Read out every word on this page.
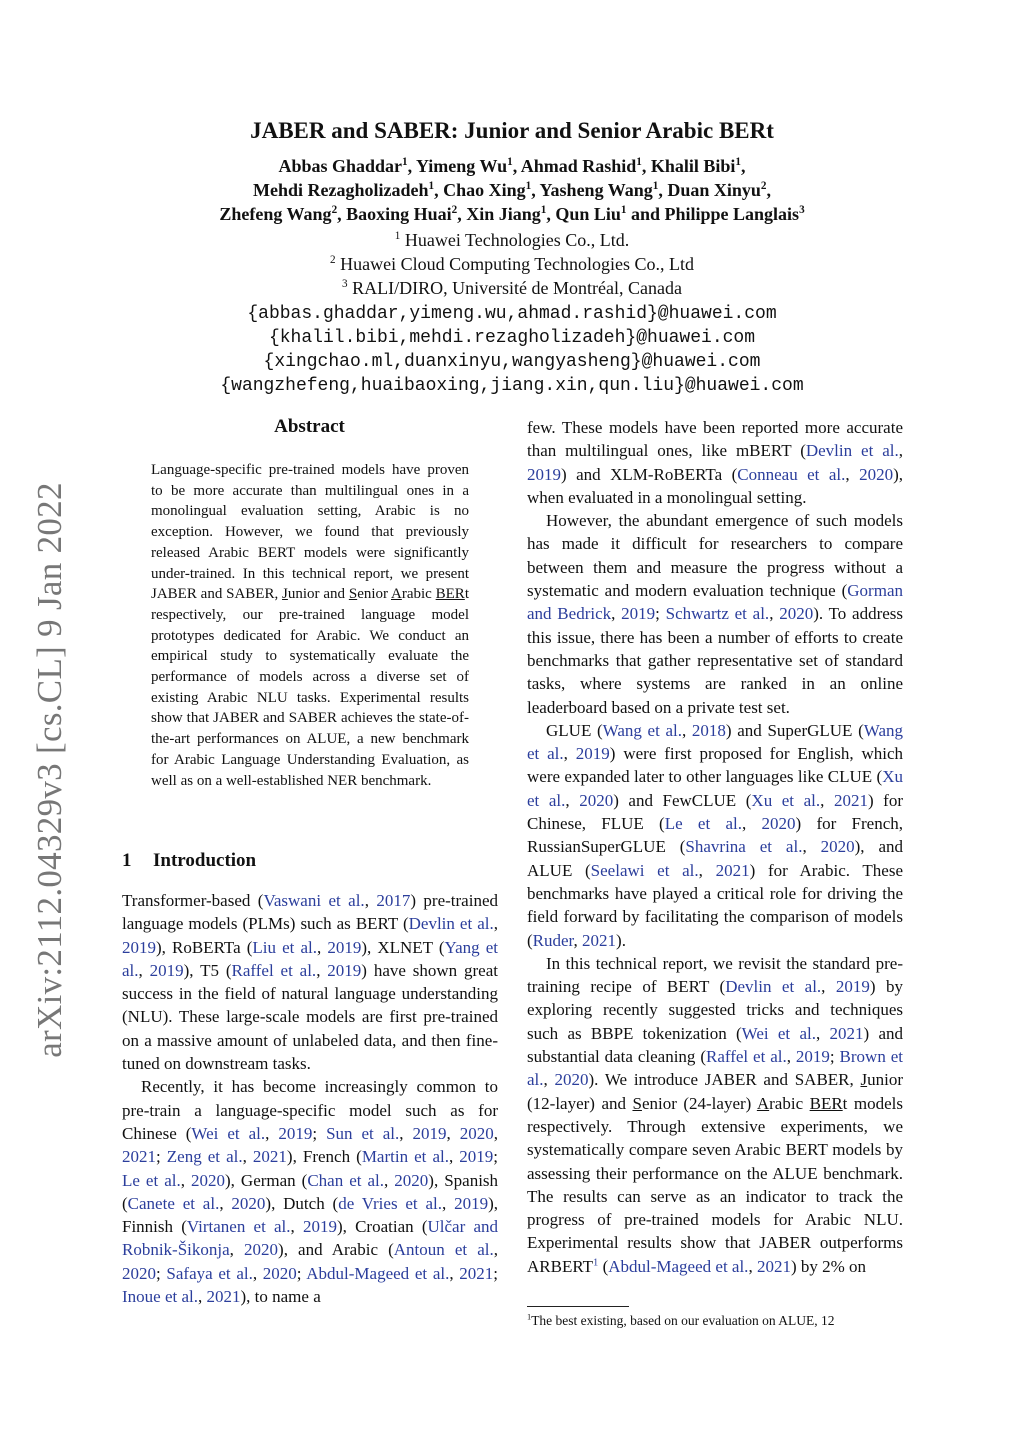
arXiv:2112.04329v3 [cs.CL] 9 Jan 2022
JABER and SABER: Junior and Senior Arabic BERt
Abbas Ghaddar$^1$, Yimeng Wu$^1$, Ahmad Rashid$^1$, Khalil Bibi$^1$,
Mehdi Rezagholizadeh$^1$, Chao Xing$^1$, Yasheng Wang$^1$, Duan Xinyu$^2$,
Zhefeng Wang$^2$, Baoxing Huai$^2$, Xin Jiang$^1$, Qun Liu$^1$ and Philippe Langlais$^3$
$^1$ Huawei Technologies Co., Ltd.
$^2$ Huawei Cloud Computing Technologies Co., Ltd
$^3$ RALI/DIRO, Université de Montréal, Canada
{abbas.ghaddar,yimeng.wu,ahmad.rashid}@huawei.com
{khalil.bibi,mehdi.rezagholizadeh}@huawei.com
{xingchao.ml,duanxinyu,wangyasheng}@huawei.com
{wangzhefeng,huaibaoxing,jiang.xin,qun.liu}@huawei.com
Abstract
Language-specific pre-trained models have proven to be more accurate than multilingual ones in a monolingual evaluation setting, Arabic is no exception. However, we found that previously released Arabic BERT models were significantly under-trained. In this technical report, we present JABER and SABER, Junior and Senior Arabic BERt respectively, our pre-trained language model prototypes dedicated for Arabic. We conduct an empirical study to systematically evaluate the performance of models across a diverse set of existing Arabic NLU tasks. Experimental results show that JABER and SABER achieves the state-of-the-art performances on ALUE, a new benchmark for Arabic Language Understanding Evaluation, as well as on a well-established NER benchmark.
1 Introduction

Transformer-based (Vaswani et al., 2017) pre-trained language models (PLMs) such as BERT (Devlin et al., 2019), RoBERTa (Liu et al., 2019), XLNET (Yang et al., 2019), T5 (Raffel et al., 2019) have shown great success in the field of natural language understanding (NLU). These large-scale models are first pre-trained on a massive amount of unlabeled data, and then fine-tuned on downstream tasks.

Recently, it has become increasingly common to pre-train a language-specific model such as for Chinese (Wei et al., 2019; Sun et al., 2019, 2020, 2021; Zeng et al., 2021), French (Martin et al., 2019; Le et al., 2020), German (Chan et al., 2020), Spanish (Canete et al., 2020), Dutch (de Vries et al., 2019), Finnish (Virtanen et al., 2019), Croatian (Ulčar and Robnik-Šikonja, 2020), and Arabic (Antoun et al., 2020; Safaya et al., 2020; Abdul-Mageed et al., 2021; Inoue et al., 2021), to name a

few. These models have been reported more accurate than multilingual ones, like mBERT (Devlin et al., 2019) and XLM-RoBERTa (Conneau et al., 2020), when evaluated in a monolingual setting.

However, the abundant emergence of such models has made it difficult for researchers to compare between them and measure the progress without a systematic and modern evaluation technique (Gorman and Bedrick, 2019; Schwartz et al., 2020). To address this issue, there has been a number of efforts to create benchmarks that gather representative set of standard tasks, where systems are ranked in an online leaderboard based on a private test set.

GLUE (Wang et al., 2018) and SuperGLUE (Wang et al., 2019) were first proposed for English, which were expanded later to other languages like CLUE (Xu et al., 2020) and FewCLUE (Xu et al., 2021) for Chinese, FLUE (Le et al., 2020) for French, RussianSuperGLUE (Shavrina et al., 2020), and ALUE (Seelawi et al., 2021) for Arabic. These benchmarks have played a critical role for driving the field forward by facilitating the comparison of models (Ruder, 2021).

In this technical report, we revisit the standard pre-training recipe of BERT (Devlin et al., 2019) by exploring recently suggested tricks and techniques such as BBPE tokenization (Wei et al., 2021) and substantial data cleaning (Raffel et al., 2019; Brown et al., 2020). We introduce JABER and SABER, Junior (12-layer) and Senior (24-layer) Arabic BERt models respectively. Through extensive experiments, we systematically compare seven Arabic BERT models by assessing their performance on the ALUE benchmark. The results can serve as an indicator to track the progress of pre-trained models for Arabic NLU. Experimental results show that JABER outperforms ARBERT$^1$ (Abdul-Mageed et al., 2021) by 2% on

$^1$The best existing, based on our evaluation on ALUE, 12
